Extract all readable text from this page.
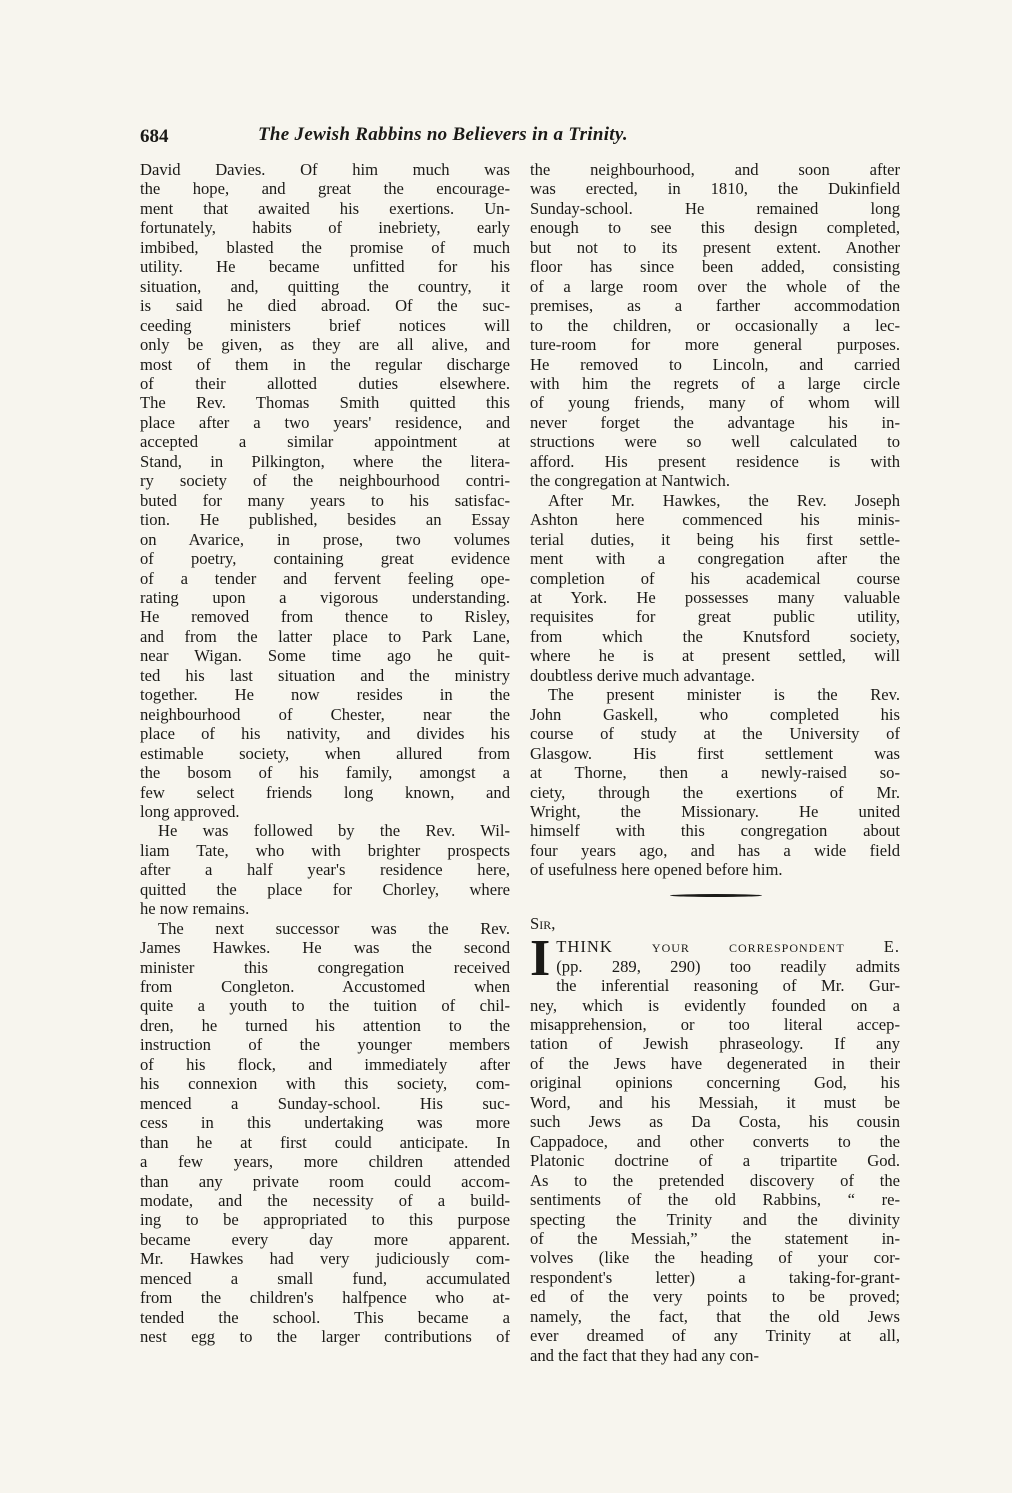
684	The Jewish Rabbins no Believers in a Trinity.
David Davies. Of him much was
the hope, and great the encourage-
ment that awaited his exertions. Un-
fortunately, habits of inebriety, early
imbibed, blasted the promise of much
utility. He became unfitted for his
situation, and, quitting the country, it
is said he died abroad. Of the suc-
ceeding ministers brief notices will
only be given, as they are all alive, and
most of them in the regular discharge
of their allotted duties elsewhere.
The Rev. Thomas Smith quitted this
place after a two years' residence, and
accepted a similar appointment at
Stand, in Pilkington, where the litera-
ry society of the neighbourhood contri-
buted for many years to his satisfac-
tion. He published, besides an Essay
on Avarice, in prose, two volumes
of poetry, containing great evidence
of a tender and fervent feeling ope-
rating upon a vigorous understanding.
He removed from thence to Risley,
and from the latter place to Park Lane,
near Wigan. Some time ago he quit-
ted his last situation and the ministry
together. He now resides in the
neighbourhood of Chester, near the
place of his nativity, and divides his
estimable society, when allured from
the bosom of his family, amongst a
few select friends long known, and
long approved.
He was followed by the Rev. Wil-
liam Tate, who with brighter prospects
after a half year's residence here,
quitted the place for Chorley, where
he now remains.
The next successor was the Rev.
James Hawkes. He was the second
minister this congregation received
from Congleton. Accustomed when
quite a youth to the tuition of chil-
dren, he turned his attention to the
instruction of the younger members
of his flock, and immediately after
his connexion with this society, com-
menced a Sunday-school. His suc-
cess in this undertaking was more
than he at first could anticipate. In
a few years, more children attended
than any private room could accom-
modate, and the necessity of a build-
ing to be appropriated to this purpose
became every day more apparent.
Mr. Hawkes had very judiciously com-
menced a small fund, accumulated
from the children's halfpence who at-
tended the school. This became a
nest egg to the larger contributions of
the neighbourhood, and soon after
was erected, in 1810, the Dukinfield
Sunday-school. He remained long
enough to see this design completed,
but not to its present extent. Another
floor has since been added, consisting
of a large room over the whole of the
premises, as a farther accommodation
to the children, or occasionally a lec-
ture-room for more general purposes.
He removed to Lincoln, and carried
with him the regrets of a large circle
of young friends, many of whom will
never forget the advantage his in-
structions were so well calculated to
afford. His present residence is with
the congregation at Nantwich.
After Mr. Hawkes, the Rev. Joseph
Ashton here commenced his minis-
terial duties, it being his first settle-
ment with a congregation after the
completion of his academical course
at York. He possesses many valuable
requisites for great public utility,
from which the Knutsford society,
where he is at present settled, will
doubtless derive much advantage.
The present minister is the Rev.
John Gaskell, who completed his
course of study at the University of
Glasgow. His first settlement was
at Thorne, then a newly-raised so-
ciety, through the exertions of Mr.
Wright, the Missionary. He united
himself with this congregation about
four years ago, and has a wide field
of usefulness here opened before him.
Sir,
I THINK your correspondent E.
(pp. 289, 290) too readily admits
the inferential reasoning of Mr. Gur-
ney, which is evidently founded on a
misapprehension, or too literal accep-
tation of Jewish phraseology. If any
of the Jews have degenerated in their
original opinions concerning God, his
Word, and his Messiah, it must be
such Jews as Da Costa, his cousin
Cappadoce, and other converts to the
Platonic doctrine of a tripartite God.
As to the pretended discovery of the
sentiments of the old Rabbins, “ re-
specting the Trinity and the divinity
of the Messiah,” the statement in-
volves (like the heading of your cor-
respondent's letter) a taking-for-grant-
ed of the very points to be proved;
namely, the fact, that the old Jews
ever dreamed of any Trinity at all,
and the fact that they had any con-
